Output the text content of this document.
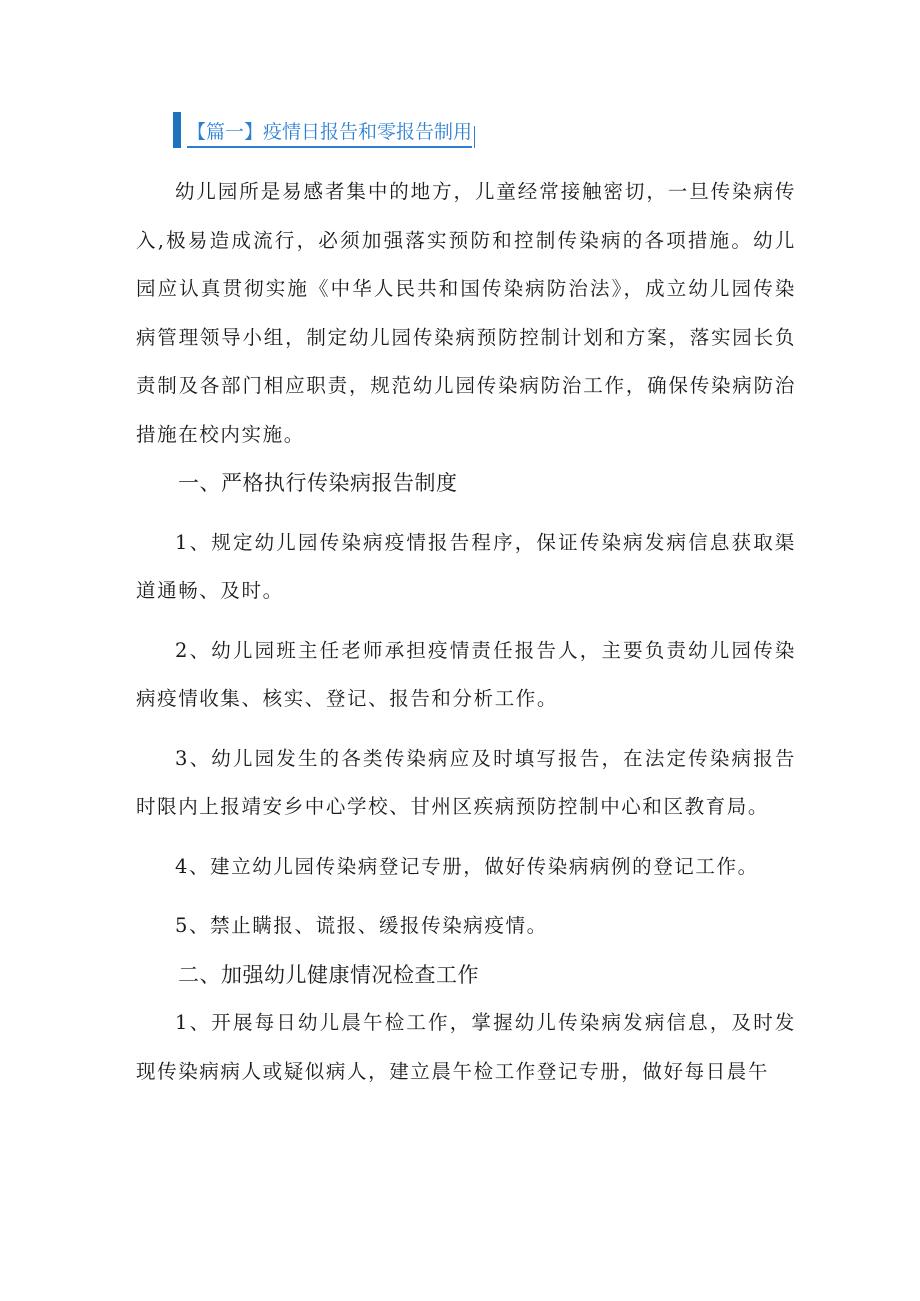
【篇一】疫情日报告和零报告制用

幼儿园所是易感者集中的地方，儿童经常接触密切，一旦传染病传入,极易造成流行，必须加强落实预防和控制传染病的各项措施。幼儿园应认真贯彻实施《中华人民共和国传染病防治法》，成立幼儿园传染病管理领导小组，制定幼儿园传染病预防控制计划和方案，落实园长负责制及各部门相应职责，规范幼儿园传染病防治工作，确保传染病防治措施在校内实施。

一、严格执行传染病报告制度

1、规定幼儿园传染病疫情报告程序，保证传染病发病信息获取渠道通畅、及时。

2、幼儿园班主任老师承担疫情责任报告人，主要负责幼儿园传染病疫情收集、核实、登记、报告和分析工作。

3、幼儿园发生的各类传染病应及时填写报告，在法定传染病报告时限内上报靖安乡中心学校、甘州区疾病预防控制中心和区教育局。

4、建立幼儿园传染病登记专册，做好传染病病例的登记工作。

5、禁止瞒报、谎报、缓报传染病疫情。

二、加强幼儿健康情况检查工作

1、开展每日幼儿晨午检工作，掌握幼儿传染病发病信息，及时发现传染病病人或疑似病人，建立晨午检工作登记专册，做好每日晨午
